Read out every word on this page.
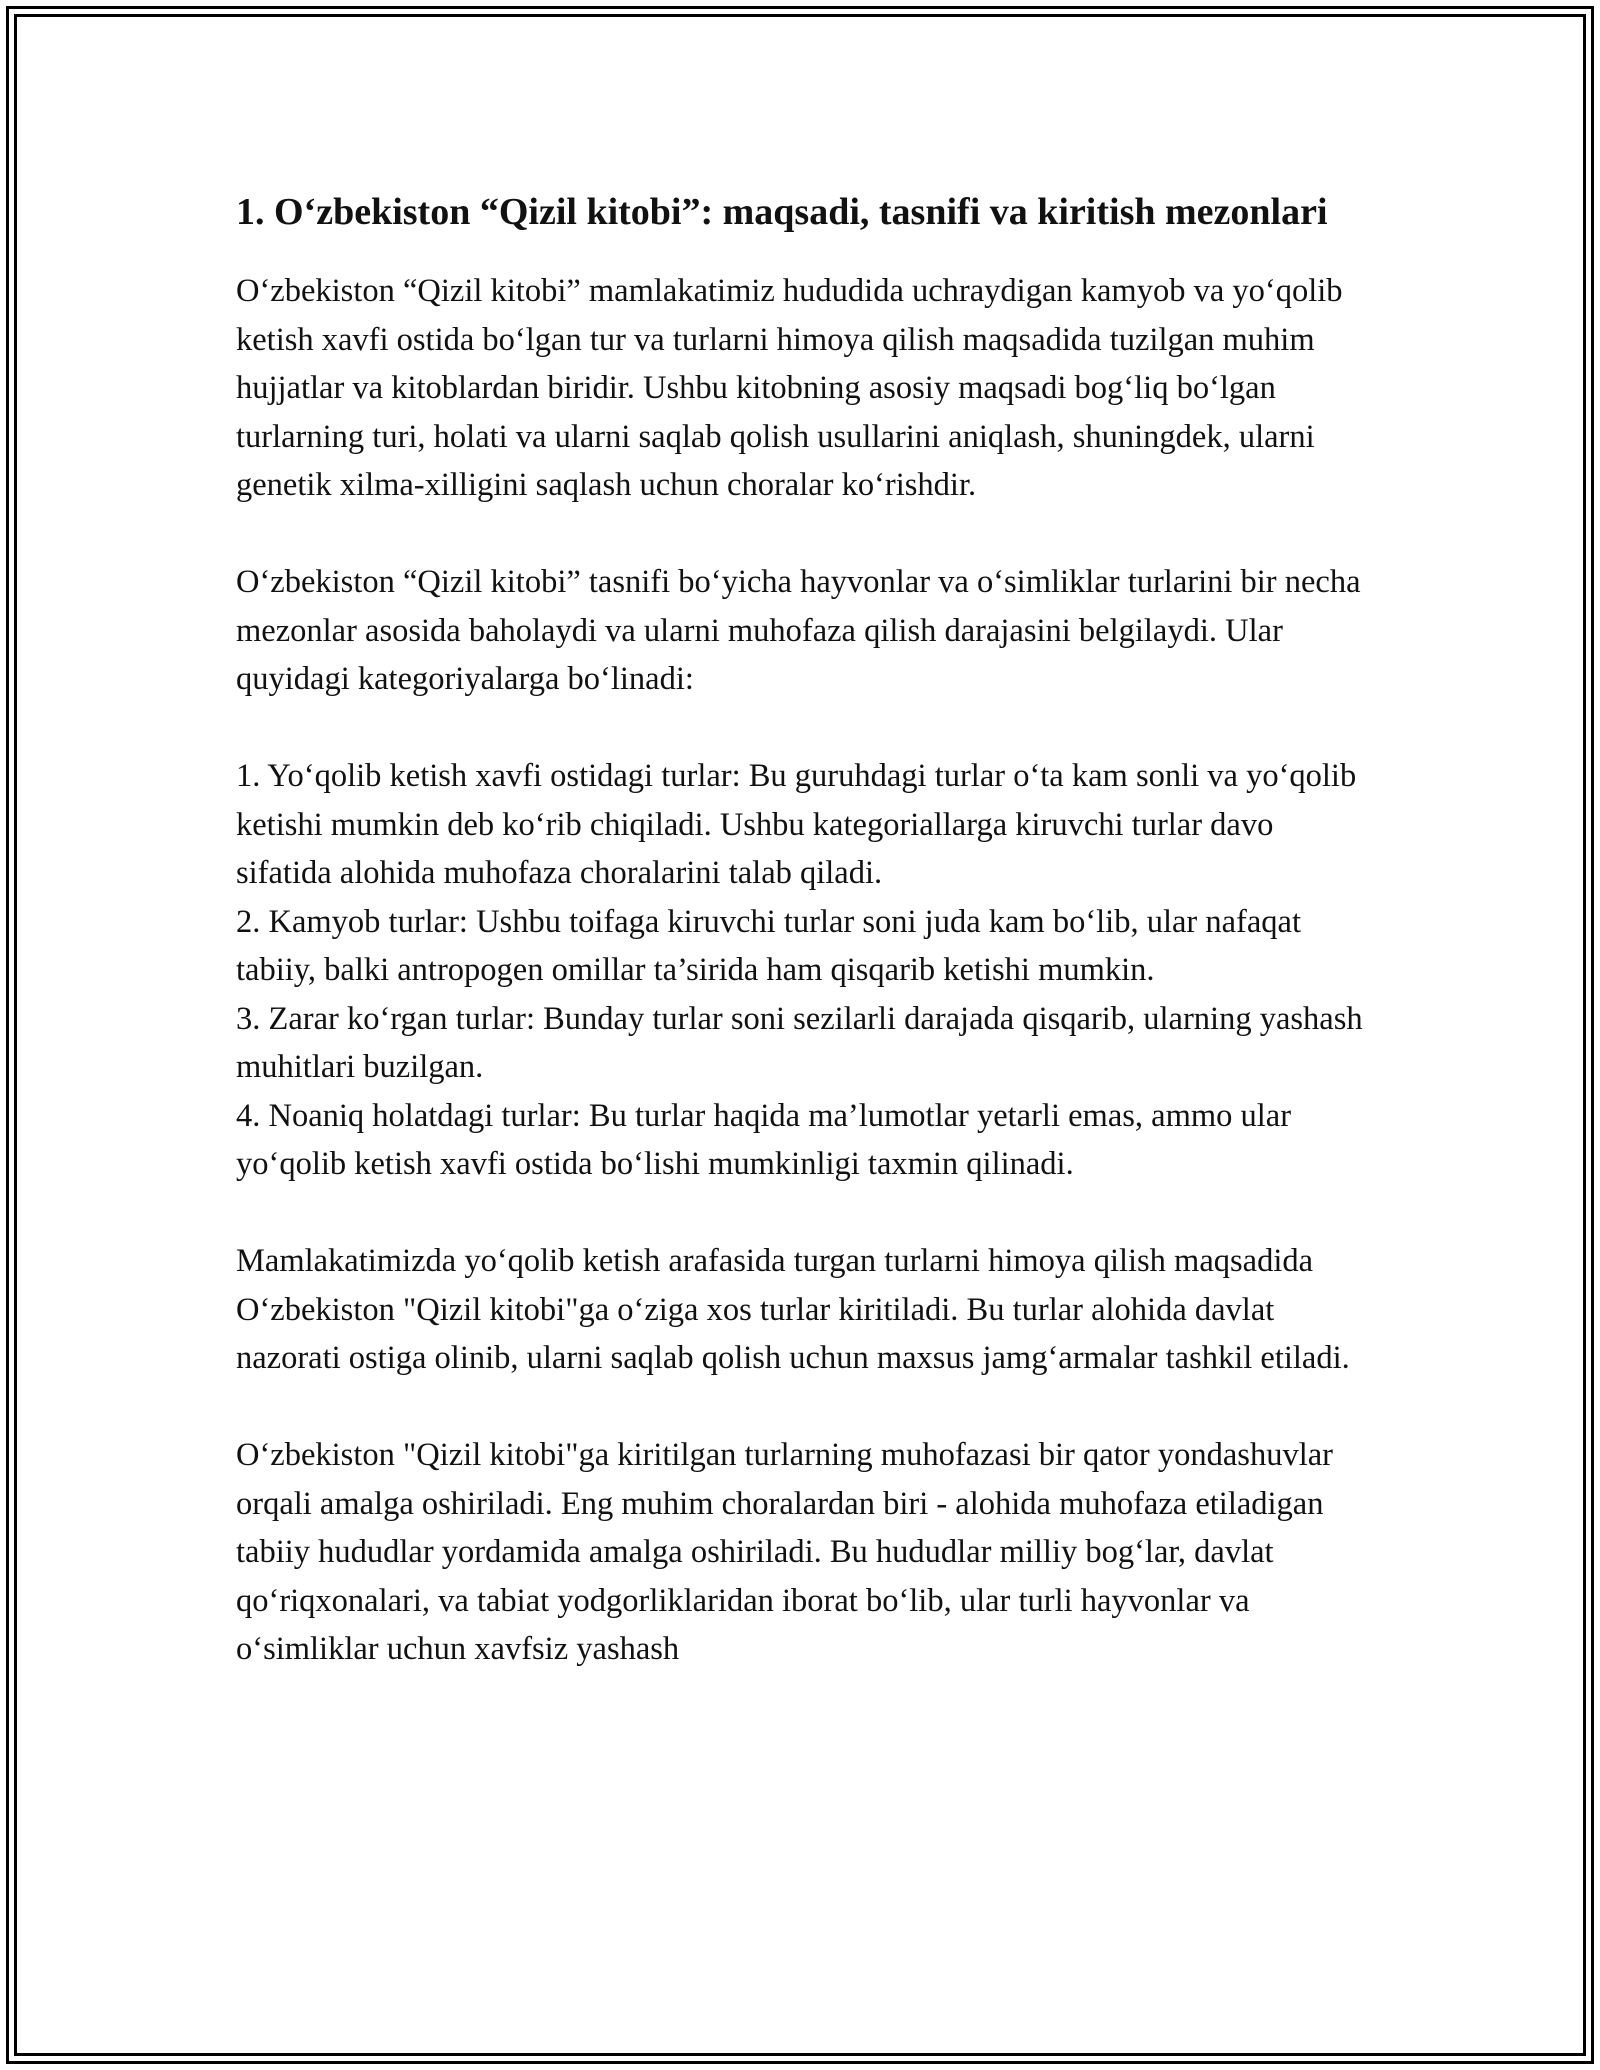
1. O‘zbekiston “Qizil kitobi”: maqsadi, tasnifi va kiritish mezonlari

O‘zbekiston “Qizil kitobi” mamlakatimiz hududida uchraydigan kamyob va yo‘qolib ketish xavfi ostida bo‘lgan tur va turlarni himoya qilish maqsadida tuzilgan muhim hujjatlar va kitoblardan biridir. Ushbu kitobning asosiy maqsadi bog‘liq bo‘lgan turlarning turi, holati va ularni saqlab qolish usullarini aniqlash, shuningdek, ularni genetik xilma-xilligini saqlash uchun choralar ko‘rishdir.

O‘zbekiston “Qizil kitobi” tasnifi bo‘yicha hayvonlar va o‘simliklar turlarini bir necha mezonlar asosida baholaydi va ularni muhofaza qilish darajasini belgilaydi. Ular quyidagi kategoriyalarga bo‘linadi:

1. Yo‘qolib ketish xavfi ostidagi turlar: Bu guruhdagi turlar o‘ta kam sonli va yo‘qolib ketishi mumkin deb ko‘rib chiqiladi. Ushbu kategoriallarga kiruvchi turlar davo sifatida alohida muhofaza choralarini talab qiladi.

2. Kamyob turlar: Ushbu toifaga kiruvchi turlar soni juda kam bo‘lib, ular nafaqat tabiiy, balki antropogen omillar ta’sirida ham qisqarib ketishi mumkin.

3. Zarar ko‘rgan turlar: Bunday turlar soni sezilarli darajada qisqarib, ularning yashash muhitlari buzilgan.

4. Noaniq holatdagi turlar: Bu turlar haqida ma’lumotlar yetarli emas, ammo ular yo‘qolib ketish xavfi ostida bo‘lishi mumkinligi taxmin qilinadi.

Mamlakatimizda yo‘qolib ketish arafasida turgan turlarni himoya qilish maqsadida O‘zbekiston "Qizil kitobi"ga o‘ziga xos turlar kiritiladi. Bu turlar alohida davlat nazorati ostiga olinib, ularni saqlab qolish uchun maxsus jamg‘armalar tashkil etiladi.

O‘zbekiston "Qizil kitobi"ga kiritilgan turlarning muhofazasi bir qator yondashuvlar orqali amalga oshiriladi. Eng muhim choralardan biri - alohida muhofaza etiladigan tabiiy hududlar yordamida amalga oshiriladi. Bu hududlar milliy bog‘lar, davlat qo‘riqxonalari, va tabiat yodgorliklaridan iborat bo‘lib, ular turli hayvonlar va o‘simliklar uchun xavfsiz yashash
